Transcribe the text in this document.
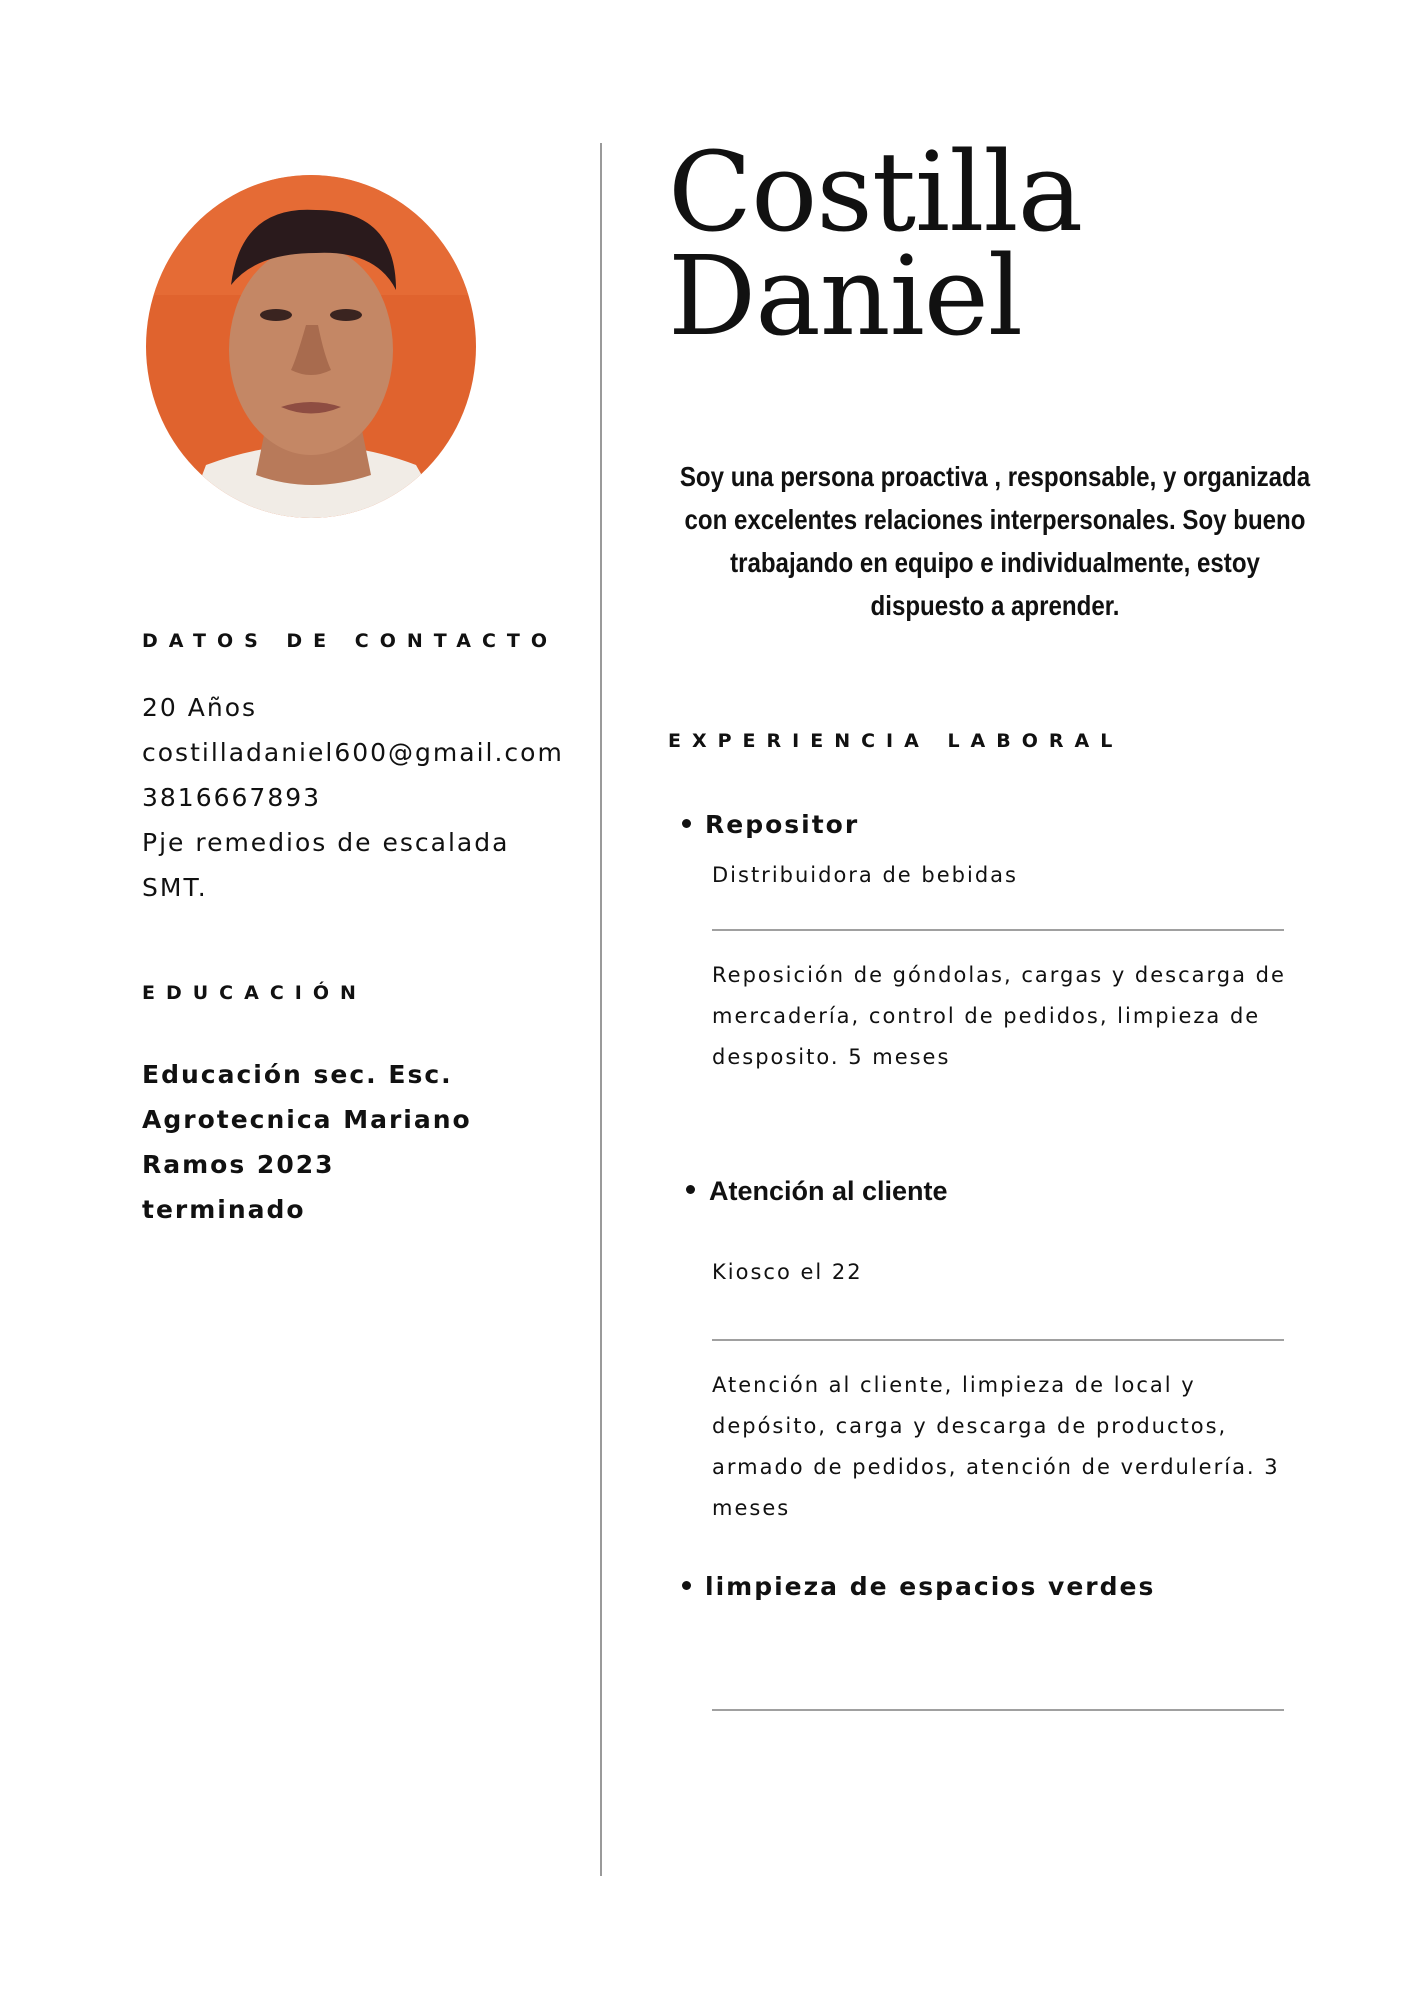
Costilla
Daniel
Soy una persona proactiva , responsable, y organizada con excelentes relaciones interpersonales. Soy bueno trabajando en equipo e individualmente, estoy dispuesto a aprender.
DATOS DE CONTACTO
20 Años
costilladaniel600@gmail.com
3816667893
Pje remedios de escalada
SMT.
EDUCACIÓN
Educación sec. Esc.
Agrotecnica Mariano
Ramos 2023
terminado
EXPERIENCIA LABORAL
Repositor
Distribuidora de bebidas
Reposición de góndolas, cargas y descarga de mercadería, control de pedidos, limpieza de desposito. 5 meses
Atención al cliente
Kiosco el 22
Atención al cliente, limpieza de local y depósito, carga y descarga de productos, armado de pedidos, atención de verdulería. 3 meses
limpieza de espacios verdes
